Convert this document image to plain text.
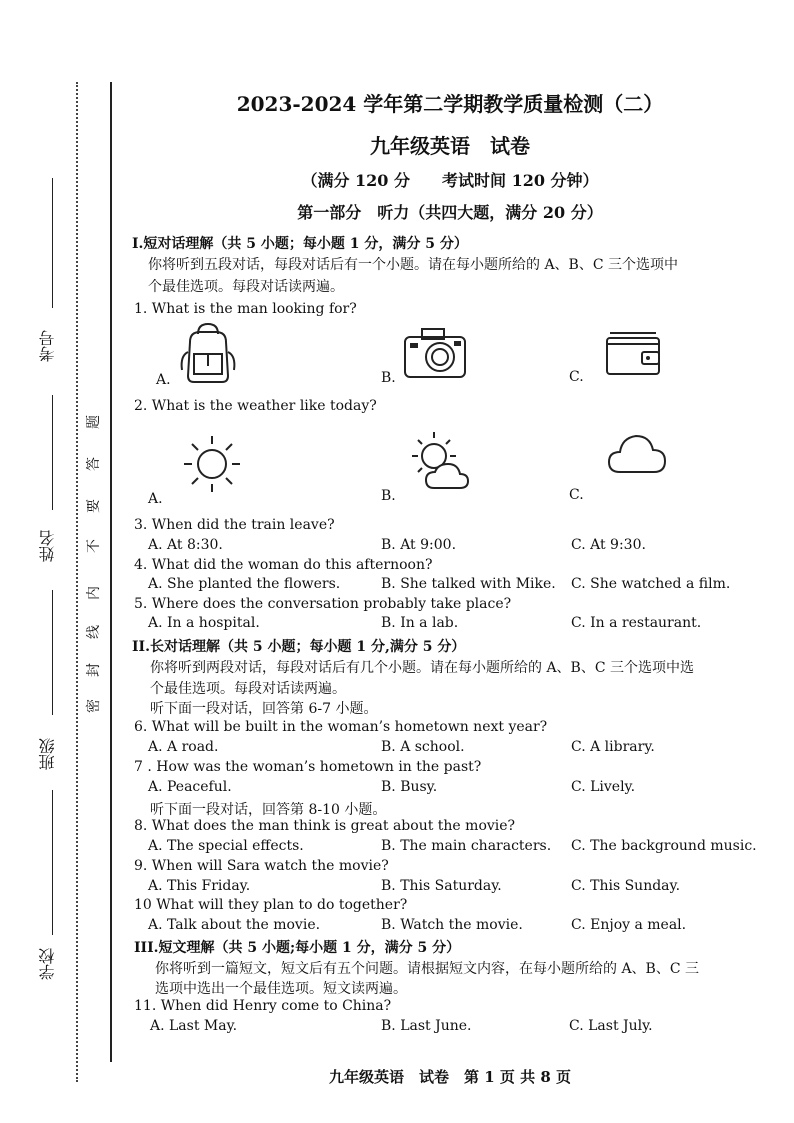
考号
姓名
班级
学校
密
封
线
内
不
要
答
题
2023-2024 学年第二学期教学质量检测（二）
九年级英语　试卷
（满分 120 分　　考试时间 120 分钟）
第一部分　听力（共四大题，满分 20 分）
I.短对话理解（共 5 小题；每小题 1 分，满分 5 分）
你将听到五段对话，每段对话后有一个小题。请在每小题所给的 A、B、C 三个选项中
个最佳选项。每段对话读两遍。
1. What is the man looking for?
A.	B.	C.
2. What is the weather like today?
A.	B.	C.
3. When did the train leave?
A. At 8:30.	B. At 9:00.	C. At 9:30.
4. What did the woman do this afternoon?
A. She planted the flowers.	B. She talked with Mike. C. She watched a film.
5. Where does the conversation probably take place?
A. In a hospital.	B. In a lab.	C. In a restaurant.
II.长对话理解（共 5 小题；每小题 1 分,满分 5 分）
你将听到两段对话，每段对话后有几个小题。请在每小题所给的 A、B、C 三个选项中选
个最佳选项。每段对话读两遍。
听下面一段对话，回答第 6-7 小题。
6. What will be built in the woman’s hometown next year?
A. A road.	B. A school.	C. A library.
7 . How was the woman’s hometown in the past?
A. Peaceful.	B. Busy.	C. Lively.
听下面一段对话，回答第 8-10 小题。
8. What does the man think is great about the movie?
A. The special effects.	B. The main characters. C. The background music.
9. When will Sara watch the movie?
A. This Friday.	B. This Saturday.	C. This Sunday.
10 What will they plan to do together?
A. Talk about the movie.	B. Watch the movie.	C. Enjoy a meal.
III.短文理解（共 5 小题;每小题 1 分，满分 5 分）
你将听到一篇短文，短文后有五个问题。请根据短文内容，在每小题所给的 A、B、C 三
选项中选出一个最佳选项。短文读两遍。
11. When did Henry come to China?
A. Last May.	B. Last June.	C. Last July.
九年级英语　试卷　第 1 页 共 8 页
